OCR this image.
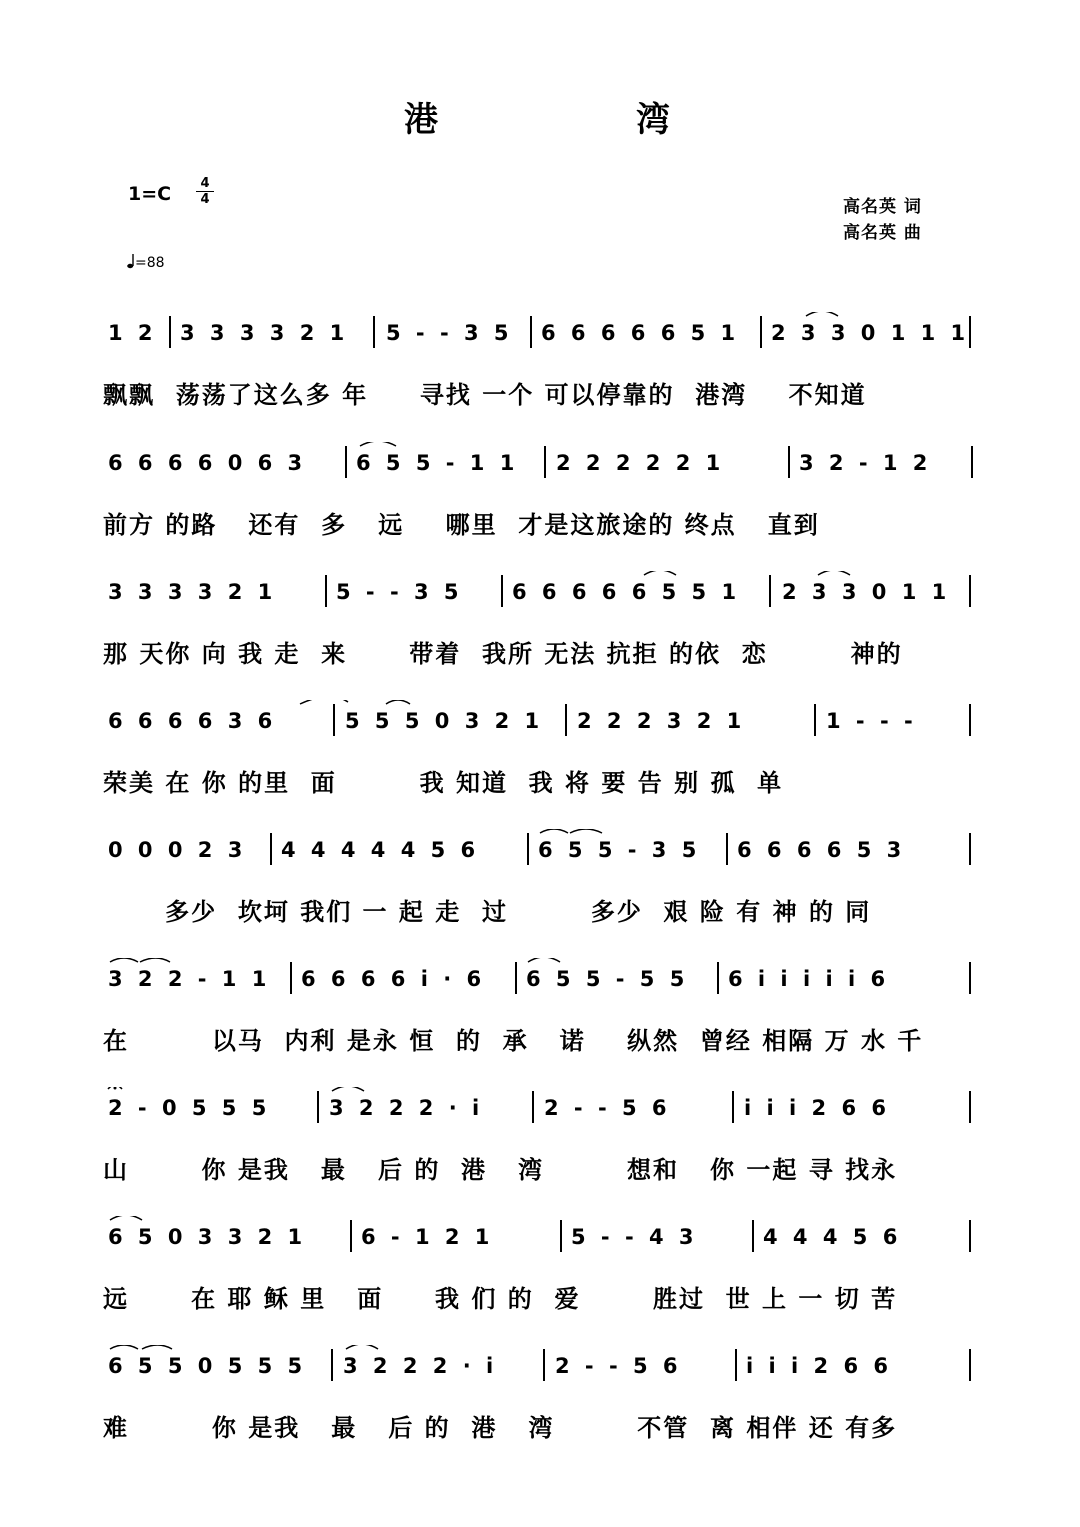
港	湾
1=C	4
4
=88
高名英 词
高名英 曲
1 2 3 3 3 3 2 1 5 - - 3 5 6 6 6 6 6 5 1 2 3 3 0 1 1 1
飘飘  荡荡了这么多 年     寻找 一个 可以停靠的  港湾    不知道
6 6 6 6 0 6 3 6 5 5 - 1 1 2 2 2 2 2 1	3 2 - 1 2
前方 的路   还有  多   远    哪里  才是这旅途的 终点   直到
3 3 3 3 2 1	5 - - 3 5 6 6 6 6 6 5 5 1 2 3 3 0 1 1
那 天你 向 我 走  来      带着  我所 无法 抗拒 的依  恋        神的
6 6 6 6 3 6	5 5 5 0 3 2 1 2 2 2 3 2 1	1 - - -
荣美 在 你 的里  面        我 知道  我 将 要 告 别 孤  单
0 0 0 2 3 4 4 4 4 4 5 6	6 5 5 - 3 5 6 6 6 6 5 3
多少  坎坷 我们 一 起 走  过        多少  艰 险 有 神 的 同
3 2 2 - 1 1 6 6 6 6 i · 6 6 5 5 - 5 5 6 i i i i i 6
在        以马  内利 是永 恒  的  承   诺    纵然  曾经 相隔 万 水 千
2 - 0 5 5 5	3 2 2 2 · i	2 - - 5 6	i i i 2 6 6
山       你 是我   最   后 的  港   湾        想和   你 一起 寻 找永
6 5 0 3 3 2 1	6 - 1 2 1	5 - - 4 3	4 4 4 5 6
远      在 耶 稣 里   面     我 们 的  爱       胜过  世 上 一 切 苦
6 5 5 0 5 5 5 3 2 2 2 · i	2 - - 5 6	i i i 2 6 6
难        你 是我   最   后 的  港   湾        不管  离 相伴 还 有多
